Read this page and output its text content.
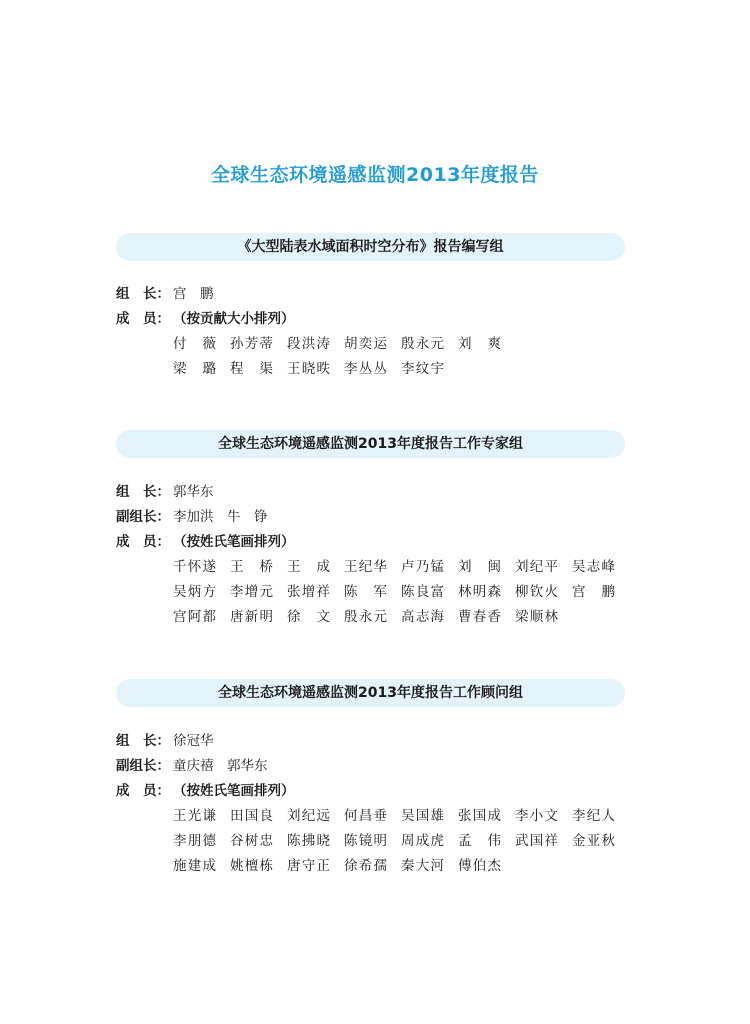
全球生态环境遥感监测2013年度报告
《大型陆表水域面积时空分布》报告编写组
组　长： 宫　鹏
成　员： （按贡献大小排列）
付　薇 孙芳蒂 段洪涛 胡奕运 殷永元 刘　爽
梁　璐 程　渠 王晓昳 李丛丛 李纹宇
全球生态环境遥感监测2013年度报告工作专家组
组　长： 郭华东
副组长： 李加洪　牛　铮
成　员： （按姓氏笔画排列）
千怀遂 王　桥 王　成 王纪华 卢乃锰 刘　闽 刘纪平 吴志峰
吴炳方 李增元 张增祥 陈　军 陈良富 林明森 柳钦火 宫　鹏
宫阿都 唐新明 徐　文 殷永元 高志海 曹春香 梁顺林
全球生态环境遥感监测2013年度报告工作顾问组
组　长： 徐冠华
副组长： 童庆禧　郭华东
成　员： （按姓氏笔画排列）
王光谦 田国良 刘纪远 何昌垂 吴国雄 张国成 李小文 李纪人
李朋德 谷树忠 陈拂晓 陈镜明 周成虎 孟　伟 武国祥 金亚秋
施建成 姚檀栋 唐守正 徐希孺 秦大河 傅伯杰
